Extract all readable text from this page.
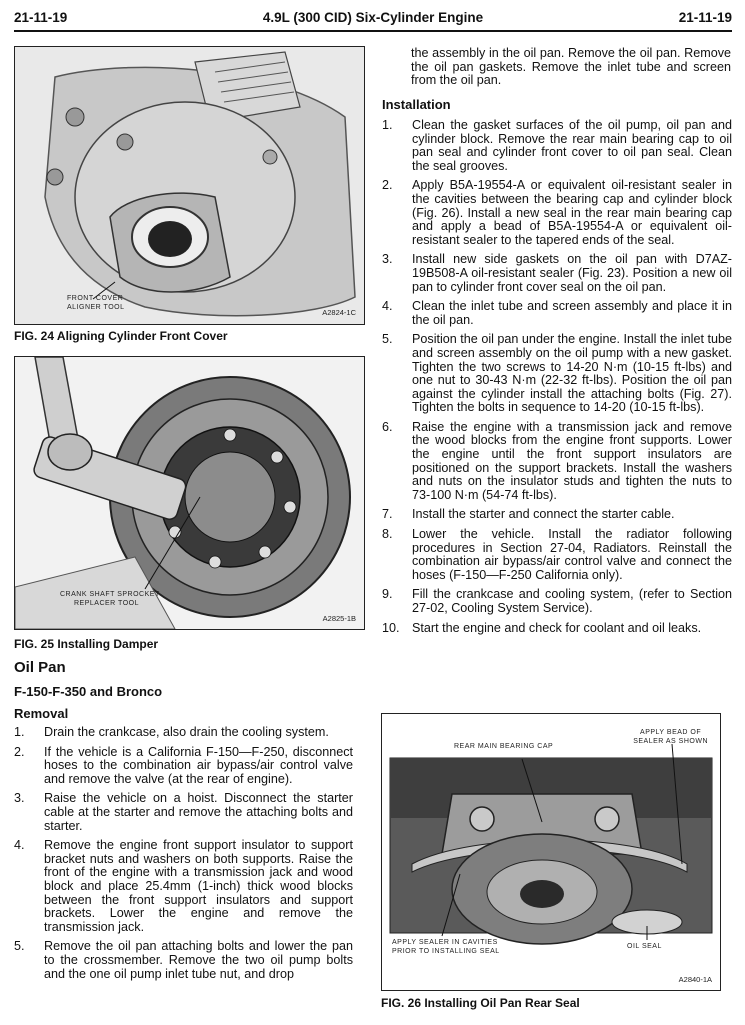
21-11-19	4.9L (300 CID) Six-Cylinder Engine	21-11-19
FRONT COVER
ALIGNER TOOL
A2824-1C
FIG. 24 Aligning Cylinder Front Cover
CRANK SHAFT SPROCKET
REPLACER TOOL
A2825-1B
FIG. 25 Installing Damper
Oil Pan
F-150-F-350 and Bronco
Removal
1. Drain the crankcase, also drain the cooling system.
2. If the vehicle is a California F-150—F-250, disconnect hoses to the combination air bypass/air control valve and remove the valve (at the rear of engine).
3. Raise the vehicle on a hoist. Disconnect the starter cable at the starter and remove the attaching bolts and starter.
4. Remove the engine front support insulator to support bracket nuts and washers on both supports. Raise the front of the engine with a transmission jack and wood block and place 25.4mm (1-inch) thick wood blocks between the front support insulators and support brackets. Lower the engine and remove the transmission jack.
5. Remove the oil pan attaching bolts and lower the pan to the crossmember. Remove the two oil pump bolts and the one oil pump inlet tube nut, and drop
the assembly in the oil pan. Remove the oil pan. Remove the oil pan gaskets. Remove the inlet tube and screen from the oil pan.
Installation
1. Clean the gasket surfaces of the oil pump, oil pan and cylinder block. Remove the rear main bearing cap to oil pan seal and cylinder front cover to oil pan seal. Clean the seal grooves.
2. Apply B5A-19554-A or equivalent oil-resistant sealer in the cavities between the bearing cap and cylinder block (Fig. 26). Install a new seal in the rear main bearing cap and apply a bead of B5A-19554-A or equivalent oil-resistant sealer to the tapered ends of the seal.
3. Install new side gaskets on the oil pan with D7AZ-19B508-A oil-resistant sealer (Fig. 23). Position a new oil pan to cylinder front cover seal on the oil pan.
4. Clean the inlet tube and screen assembly and place it in the oil pan.
5. Position the oil pan under the engine. Install the inlet tube and screen assembly on the oil pump with a new gasket. Tighten the two screws to 14-20 N·m (10-15 ft-lbs) and one nut to 30-43 N·m (22-32 ft-lbs). Position the oil pan against the cylinder install the attaching bolts (Fig. 27). Tighten the bolts in sequence to 14-20 (10-15 ft-lbs).
6. Raise the engine with a transmission jack and remove the wood blocks from the engine front supports. Lower the engine until the front support insulators are positioned on the support brackets. Install the washers and nuts on the insulator studs and tighten the nuts to 73-100 N·m (54-74 ft-lbs).
7. Install the starter and connect the starter cable.
8. Lower the vehicle. Install the radiator following procedures in Section 27-04, Radiators. Reinstall the combination air bypass/air control valve and connect the hoses (F-150—F-250 California only).
9. Fill the crankcase and cooling system, (refer to Section 27-02, Cooling System Service).
10. Start the engine and check for coolant and oil leaks.
APPLY BEAD OF
SEALER AS SHOWN
REAR MAIN BEARING CAP
APPLY SEALER IN CAVITIES
PRIOR TO INSTALLING SEAL
OIL SEAL
A2840-1A
FIG. 26 Installing Oil Pan Rear Seal
